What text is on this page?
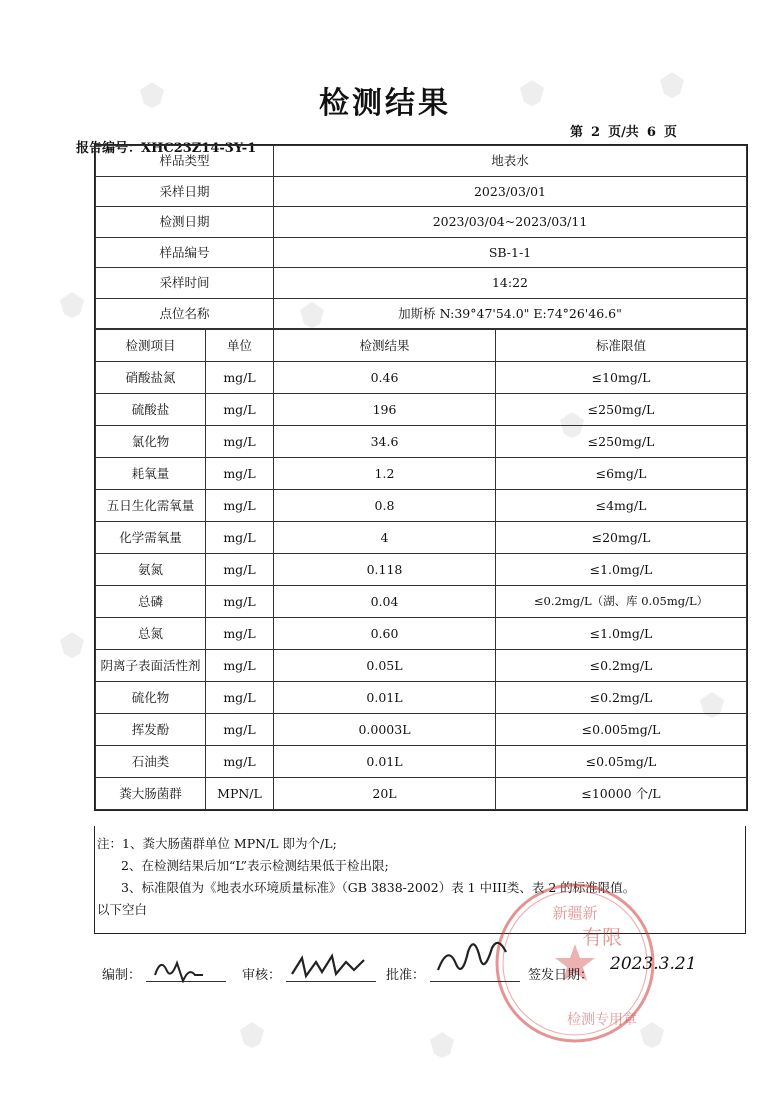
检测结果
第 2 页/共 6 页
报告编号：XHC23Z14-3Y-1
样品类型	地表水
采样日期	2023/03/01
检测日期	2023/03/04~2023/03/11
样品编号	SB-1-1
采样时间	14:22
点位名称	加斯桥 N:39°47'54.0" E:74°26'46.6"
检测项目	单位	检测结果	标准限值
硝酸盐氮	mg/L	0.46	≤10mg/L
硫酸盐	mg/L	196	≤250mg/L
氯化物	mg/L	34.6	≤250mg/L
耗氧量	mg/L	1.2	≤6mg/L
五日生化需氧量	mg/L	0.8	≤4mg/L
化学需氧量	mg/L	4	≤20mg/L
氨氮	mg/L	0.118	≤1.0mg/L
总磷	mg/L	0.04	≤0.2mg/L（湖、库 0.05mg/L）
总氮	mg/L	0.60	≤1.0mg/L
阴离子表面活性剂	mg/L	0.05L	≤0.2mg/L
硫化物	mg/L	0.01L	≤0.2mg/L
挥发酚	mg/L	0.0003L	≤0.005mg/L
石油类	mg/L	0.01L	≤0.05mg/L
粪大肠菌群	MPN/L	20L	≤10000 个/L
注：1、粪大肠菌群单位 MPN/L 即为个/L;
2、在检测结果后加“L”表示检测结果低于检出限;
3、标准限值为《地表水环境质量标准》（GB 3838-2002）表 1 中III类、表 2 的标准限值。
以下空白	新疆新
有限
检测专用章
编制：	审核：	批准：	签发日期：
2023.3.21
